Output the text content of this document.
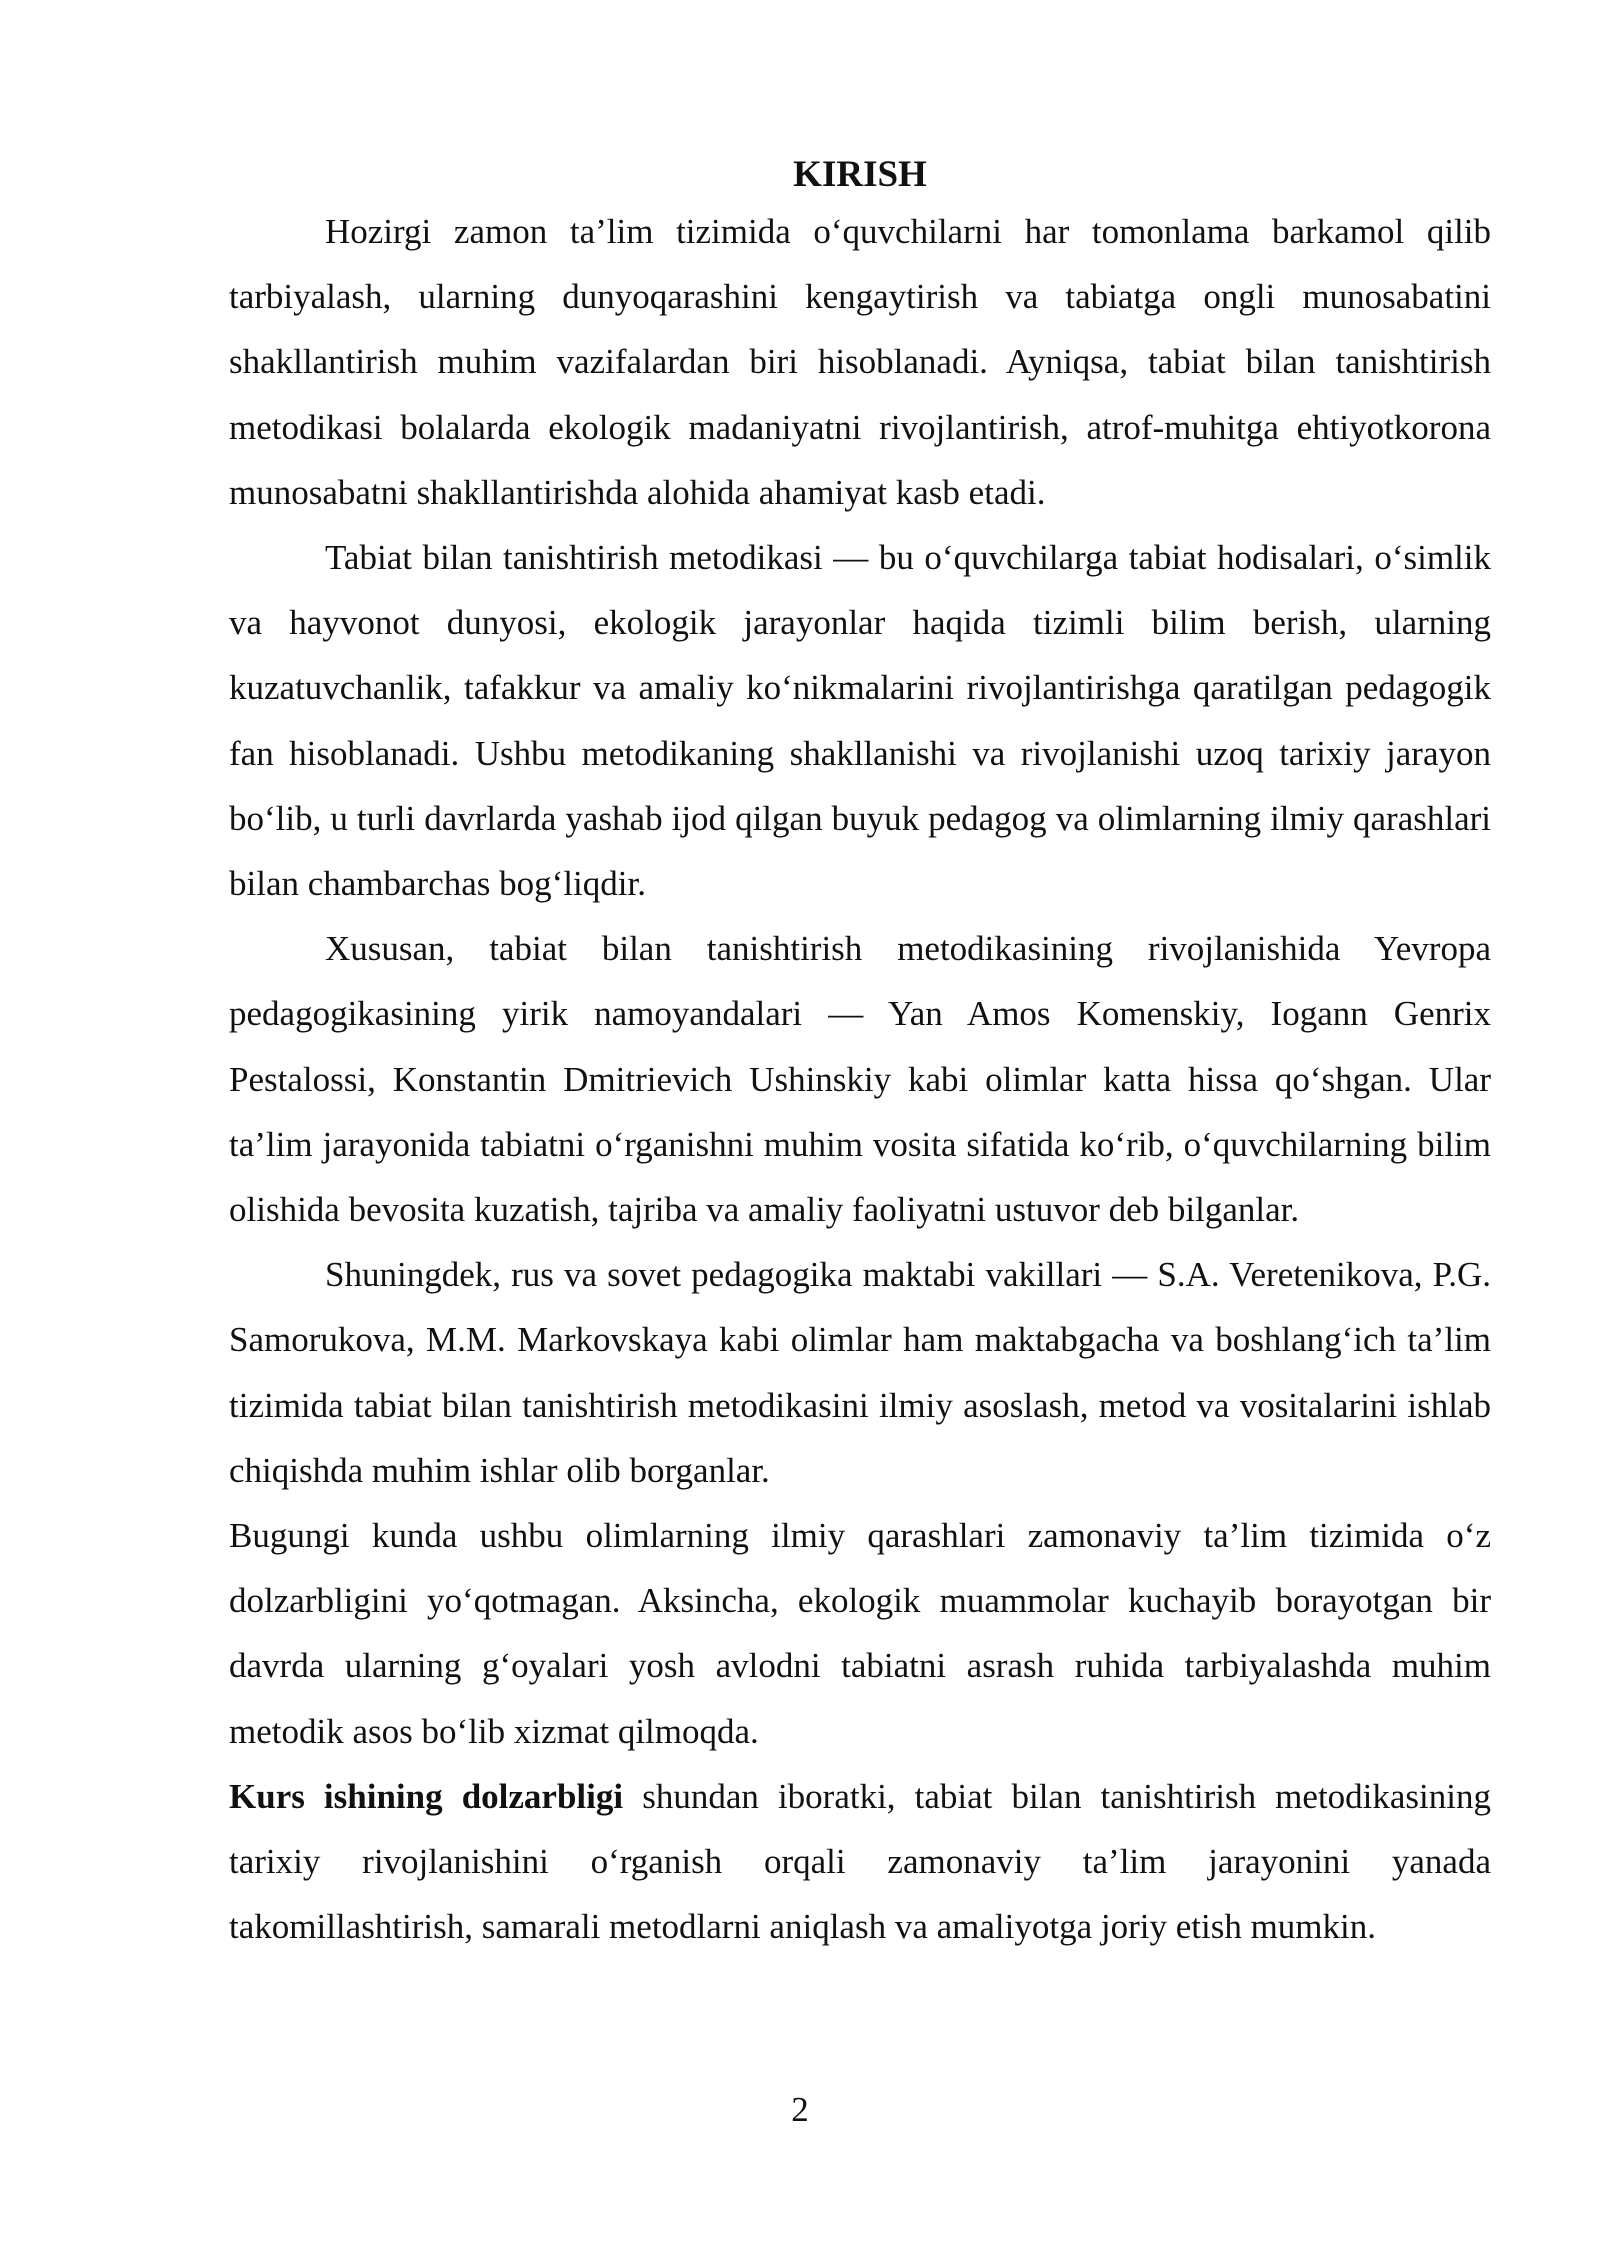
KIRISH

Hozirgi zamon ta’lim tizimida o‘quvchilarni har tomonlama barkamol qilib tarbiyalash, ularning dunyoqarashini kengaytirish va tabiatga ongli munosabatini shakllantirish muhim vazifalardan biri hisoblanadi. Ayniqsa, tabiat bilan tanishtirish metodikasi bolalarda ekologik madaniyatni rivojlantirish, atrof-muhitga ehtiyotkorona munosabatni shakllantirishda alohida ahamiyat kasb etadi.

Tabiat bilan tanishtirish metodikasi — bu o‘quvchilarga tabiat hodisalari, o‘simlik va hayvonot dunyosi, ekologik jarayonlar haqida tizimli bilim berish, ularning kuzatuvchanlik, tafakkur va amaliy ko‘nikmalarini rivojlantirishga qaratilgan pedagogik fan hisoblanadi. Ushbu metodikaning shakllanishi va rivojlanishi uzoq tarixiy jarayon bo‘lib, u turli davrlarda yashab ijod qilgan buyuk pedagog va olimlarning ilmiy qarashlari bilan chambarchas bog‘liqdir.

Xususan, tabiat bilan tanishtirish metodikasining rivojlanishida Yevropa pedagogikasining yirik namoyandalari — Yan Amos Komenskiy, Iogann Genrix Pestalossi, Konstantin Dmitrievich Ushinskiy kabi olimlar katta hissa qo‘shgan. Ular ta’lim jarayonida tabiatni o‘rganishni muhim vosita sifatida ko‘rib, o‘quvchilarning bilim olishida bevosita kuzatish, tajriba va amaliy faoliyatni ustuvor deb bilganlar.

Shuningdek, rus va sovet pedagogika maktabi vakillari — S.A. Veretenikova, P.G. Samorukova, M.M. Markovskaya kabi olimlar ham maktabgacha va boshlang‘ich ta’lim tizimida tabiat bilan tanishtirish metodikasini ilmiy asoslash, metod va vositalarini ishlab chiqishda muhim ishlar olib borganlar.

Bugungi kunda ushbu olimlarning ilmiy qarashlari zamonaviy ta’lim tizimida o‘z dolzarbligini yo‘qotmagan. Aksincha, ekologik muammolar kuchayib borayotgan bir davrda ularning g‘oyalari yosh avlodni tabiatni asrash ruhida tarbiyalashda muhim metodik asos bo‘lib xizmat qilmoqda.

Kurs ishining dolzarbligi shundan iboratki, tabiat bilan tanishtirish metodikasining tarixiy rivojlanishini o‘rganish orqali zamonaviy ta’lim jarayonini yanada takomillashtirish, samarali metodlarni aniqlash va amaliyotga joriy etish mumkin.

2
